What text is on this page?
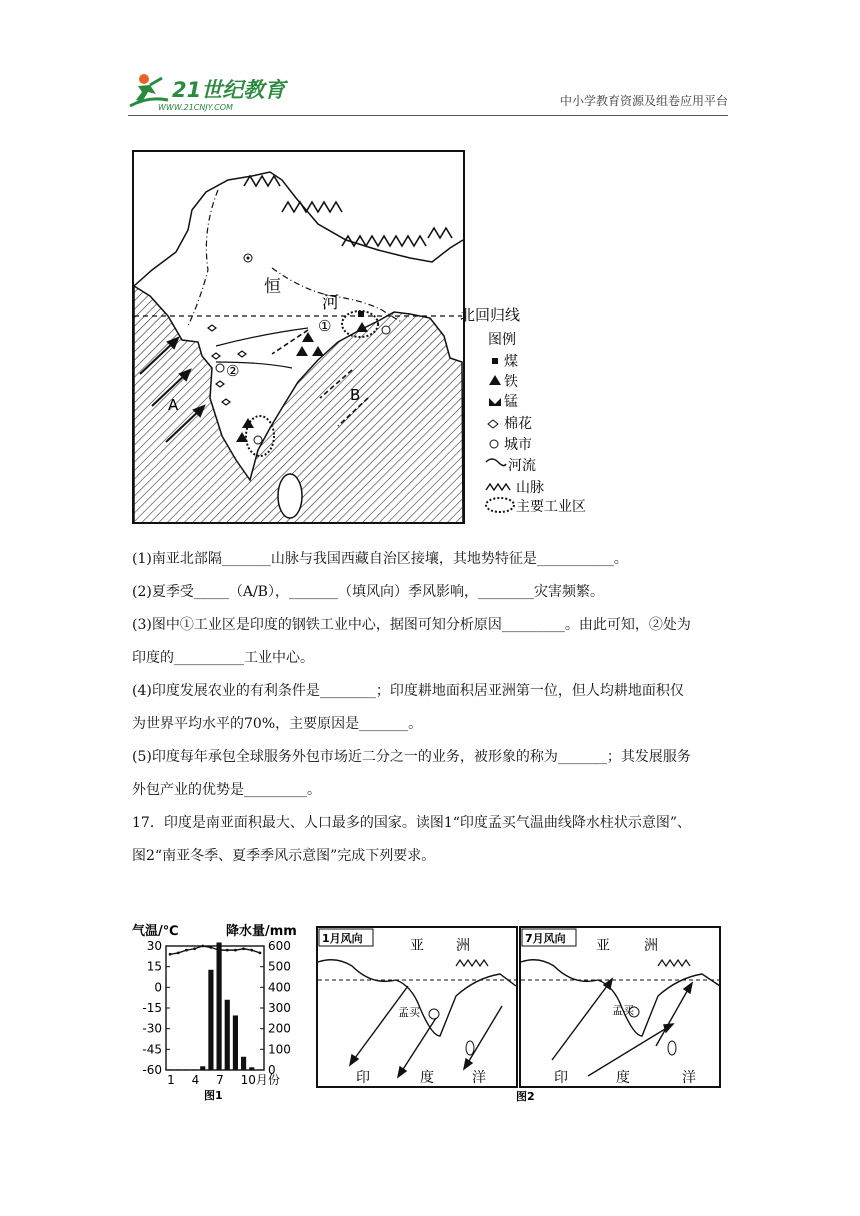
21世纪教育
WWW.21CNJY.COM	中小学教育资源及组卷应用平台
北回归线
恒
河
①
②
A
B
图例
煤
铁
锰
棉花
城市
河流
山脉
主要工业区

(1)南亚北部隔_______山脉与我国西藏自治区接壤，其地势特征是___________。

(2)夏季受_____（A/B），_______（填风向）季风影响，________灾害频繁。

(3)图中①工业区是印度的钢铁工业中心，据图可知分析原因_________。由此可知，②处为

印度的__________工业中心。

(4)印度发展农业的有利条件是________；印度耕地面积居亚洲第一位，但人均耕地面积仅

为世界平均水平的70%，主要原因是_______。

(5)印度每年承包全球服务外包市场近二分之一的业务，被形象的称为_______；其发展服务

外包产业的优势是_________。

17．印度是南亚面积最大、人口最多的国家。读图1“印度孟买气温曲线降水柱状示意图”、

图2“南亚冬季、夏季季风示意图”完成下列要求。

气温/℃	降水量/mm
30
15
0
-15
-30
-45
-60
600
500
400
300
200
100
0
1 4 7 10月份
图1
1月风向	亚 洲
孟买
印	度	洋
7月风向 亚 洲
孟买
印	度	洋
图2
